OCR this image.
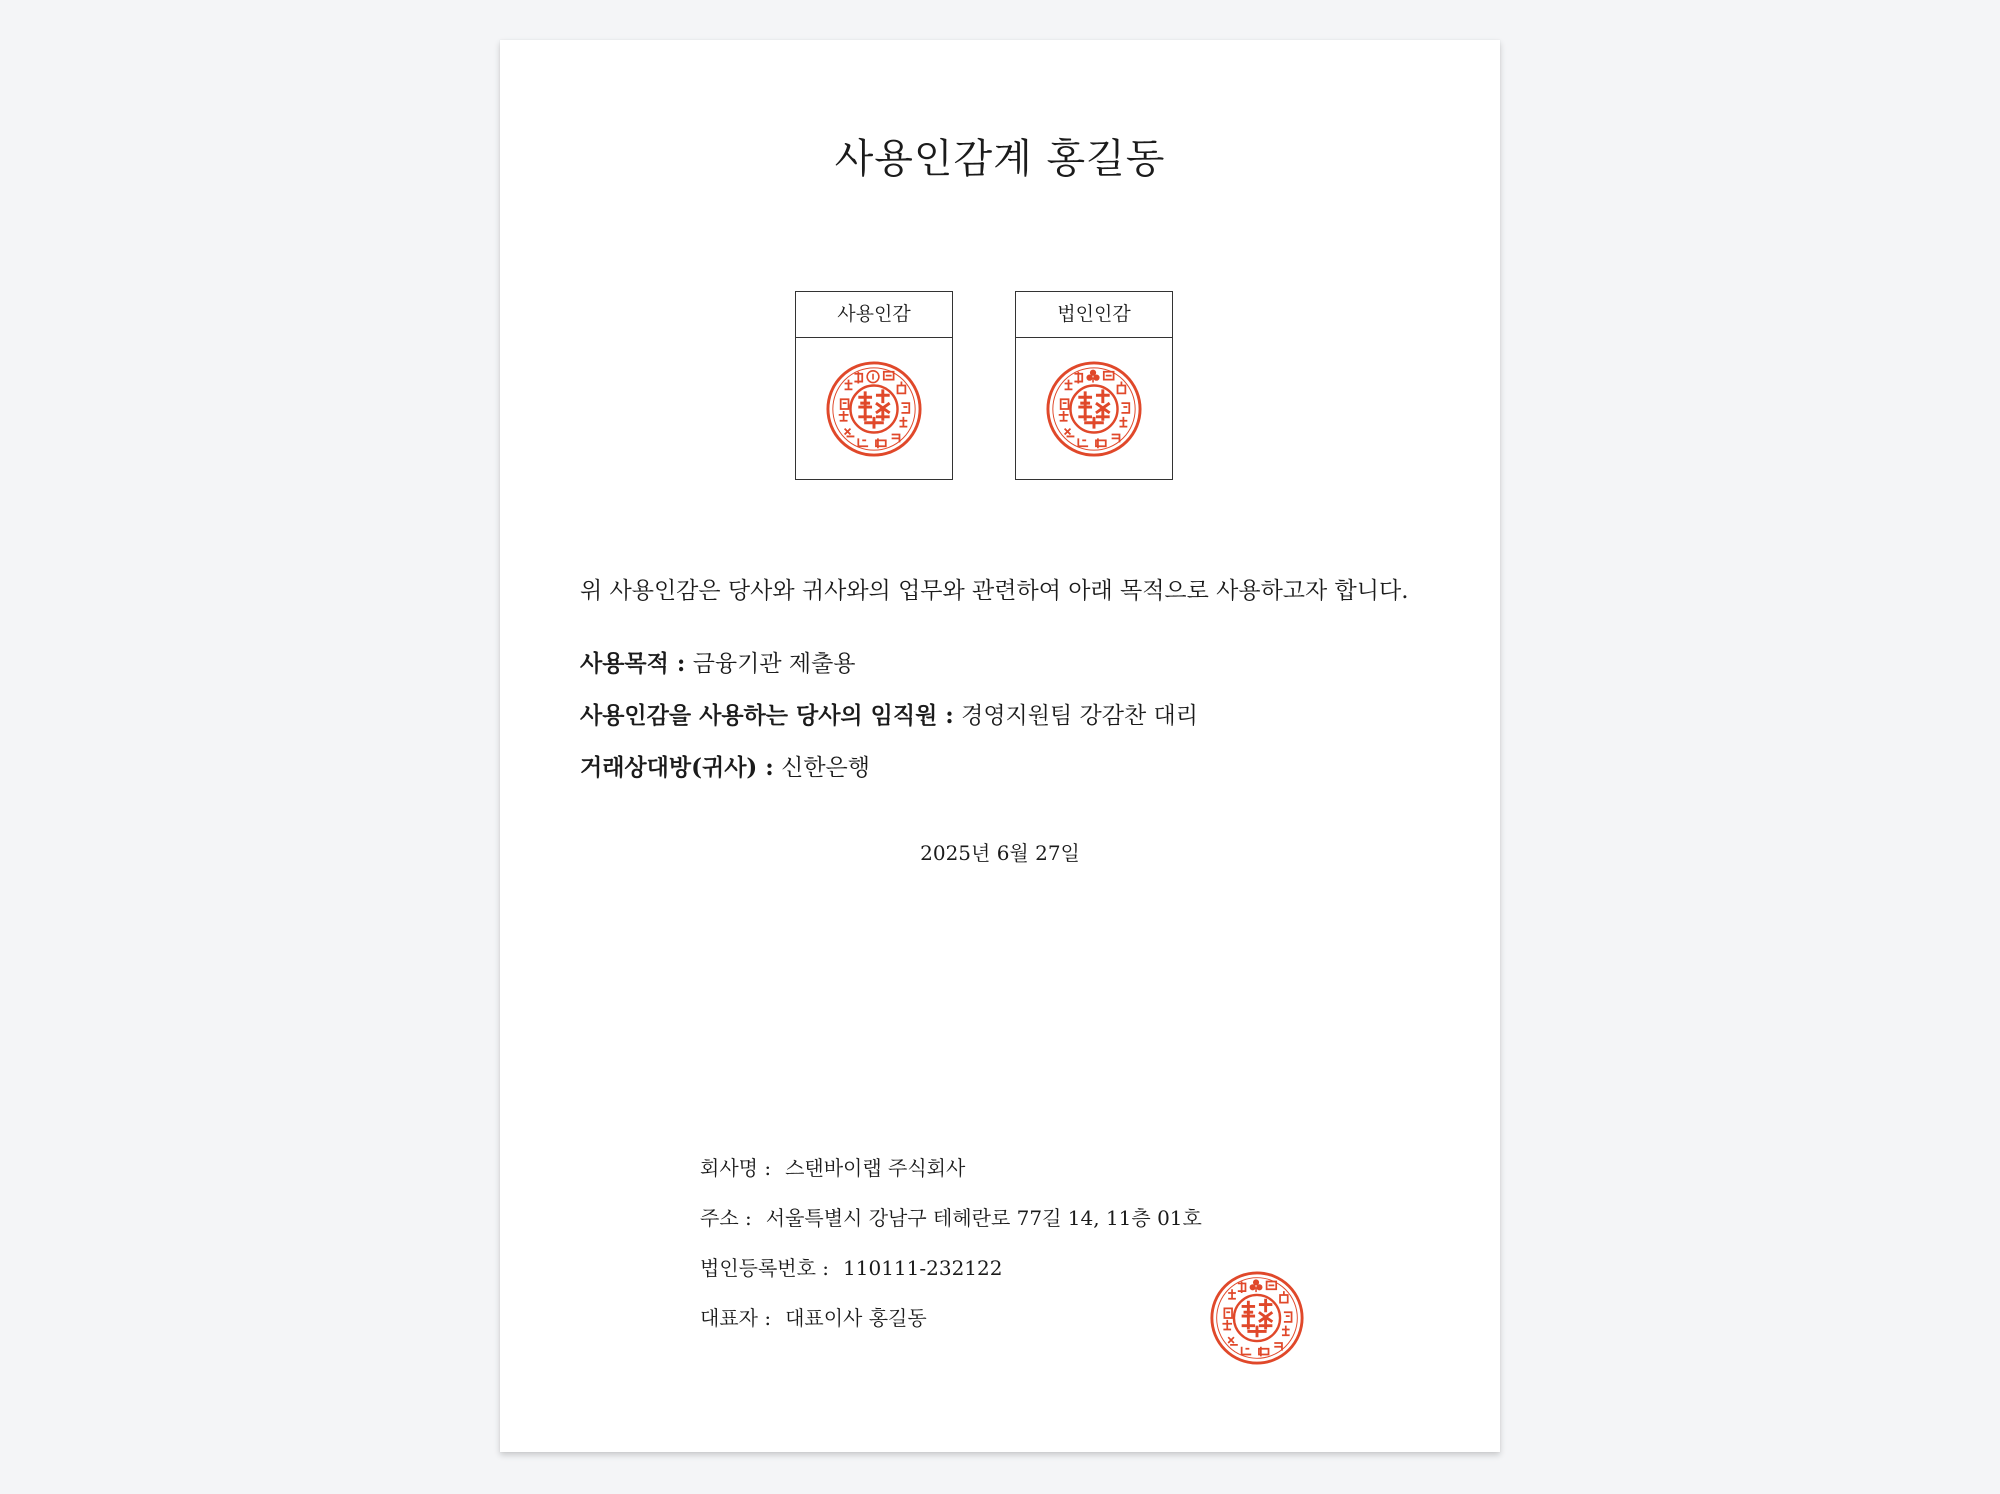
사용인감계 홍길동
사용인감	법인인감
위 사용인감은 당사와 귀사와의 업무와 관련하여 아래 목적으로 사용하고자 합니다.
사용목적 : 금융기관 제출용
사용인감을 사용하는 당사의 임직원 : 경영지원팀 강감찬 대리
거래상대방(귀사) : 신한은행
2025년 6월 27일
회사명 : 스탠바이랩 주식회사
주소 : 서울특별시 강남구 테헤란로 77길 14, 11층 01호
법인등록번호 : 110111-232122
대표자 : 대표이사 홍길동
